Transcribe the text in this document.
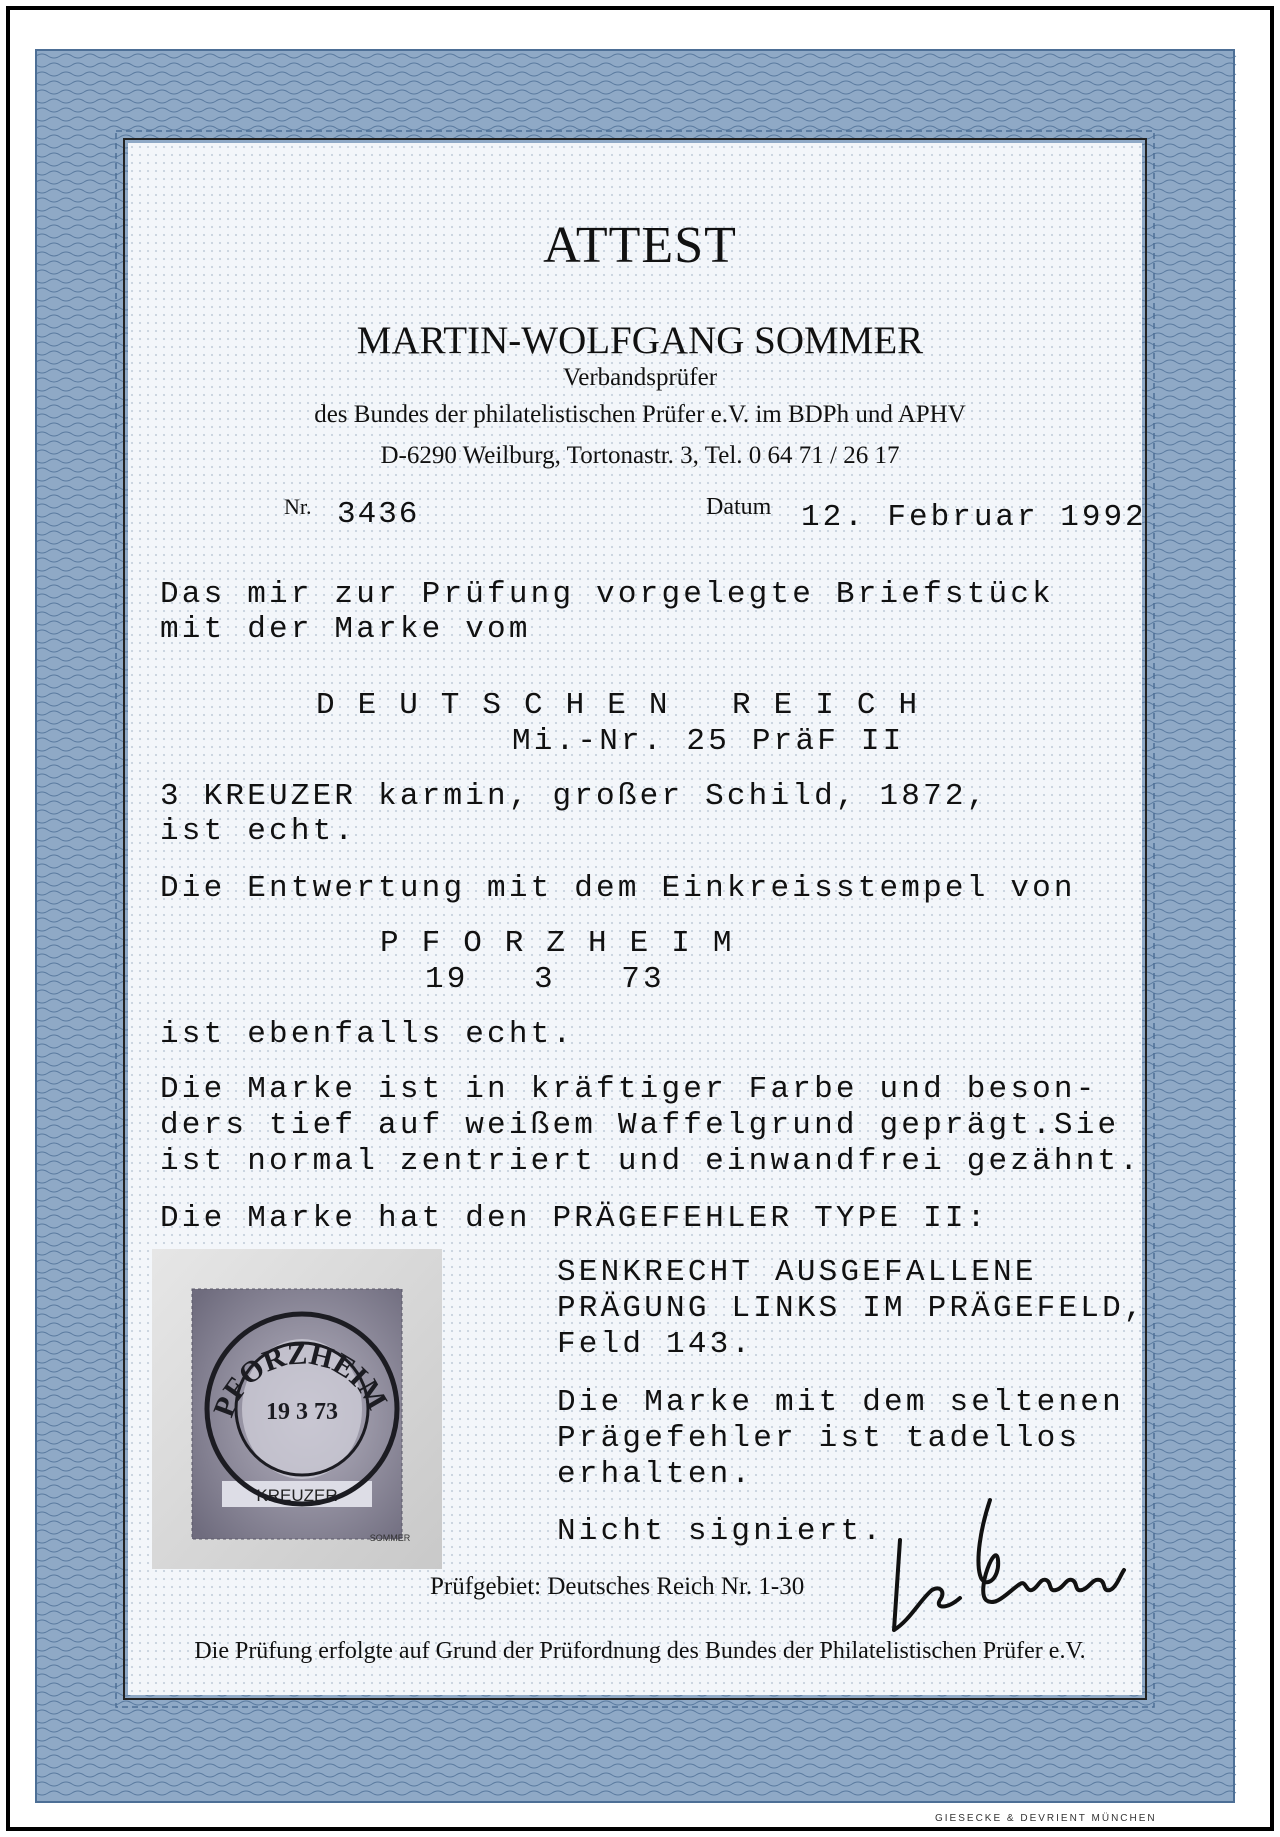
ATTEST
MARTIN-WOLFGANG SOMMER
Verbandsprüfer
des Bundes der philatelistischen Prüfer e.V. im BDPh und APHV
D-6290 Weilburg, Tortonastr. 3, Tel. 0 64 71 / 26 17
Nr. 3436	Datum 12. Februar 1992
Das mir zur Prüfung vorgelegte Briefstück
mit der Marke vom
DEUTSCHEN REICH
Mi.-Nr. 25 PräF II
3 KREUZER karmin, großer Schild, 1872,
ist echt.
Die Entwertung mit dem Einkreisstempel von
PFORZHEIM
19   3   73
ist ebenfalls echt.
Die Marke ist in kräftiger Farbe und beson-
ders tief auf weißem Waffelgrund geprägt.Sie
ist normal zentriert und einwandfrei gezähnt.
Die Marke hat den PRÄGEFEHLER TYPE II:
KREUZER
PFORZHEIM
19 3 73
SOMMER
SENKRECHT AUSGEFALLENE
PRÄGUNG LINKS IM PRÄGEFELD,
Feld 143.
Die Marke mit dem seltenen
Prägefehler ist tadellos
erhalten.
Nicht signiert.
Prüfgebiet: Deutsches Reich Nr. 1-30
Die Prüfung erfolgte auf Grund der Prüfordnung des Bundes der Philatelistischen Prüfer e.V.
GIESECKE & DEVRIENT MÜNCHEN
